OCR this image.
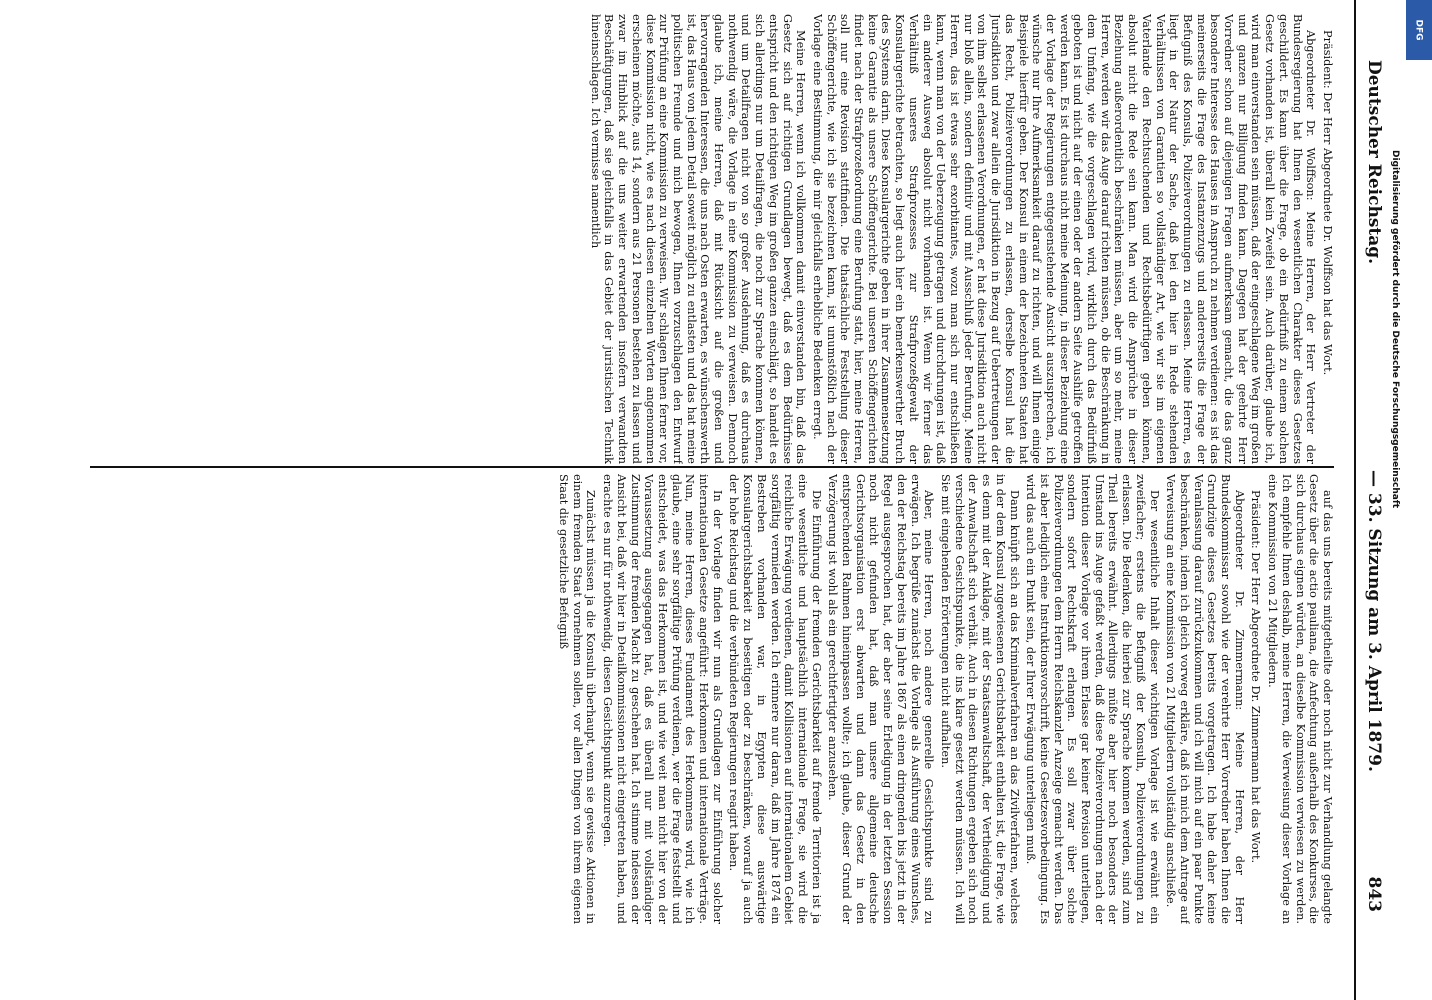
Deutscher Reichstag.
— 33. Sitzung am 3. April 1879.
843

Präsident: Der Herr Abgeordnete Dr. Wolffson hat das Wort.

Abgeordneter Dr. Wolffson: Meine Herren, der Herr Vertreter der Bundesregierung hat Ihnen den wesentlichen Charakter dieses Gesetzes geschildert. Es kann über die Frage, ob ein Bedürfniß zu einem solchen Gesetz vorhanden ist, überall kein Zweifel sein. Auch darüber, glaube ich, wird man einverstanden sein müssen, daß der eingeschlagene Weg im großen und ganzen nur Billigung finden kann. Dagegen hat der geehrte Herr Vorredner schon auf diejenigen Fragen aufmerksam gemacht, die das ganz besondere Interesse des Hauses in Anspruch zu nehmen verdienen: es ist das meinerseits die Frage des Instanzenzugs und andererseits die Frage der Befugniß des Konsuls, Polizeiverordnungen zu erlassen. Meine Herren, es liegt in der Natur der Sache, daß bei den hier in Rede stehenden Verhältnissen von Garantien so vollständiger Art, wie wir sie im eigenen Vaterlande den Rechtsuchenden und Rechtsbedürftigen geben können, absolut nicht die Rede sein kann. Man wird die Ansprüche in dieser Beziehung außerordentlich beschränken müssen, aber um so mehr, meine Herren, werden wir das Auge darauf richten müssen, ob die Beschränkung in dem Umfang, wie die vorgeschlagen wird, wirklich durch das Bedürfniß geboten ist und nicht auf der einen oder der andern Seite Aushilfe getroffen werden kann. Es ist durchaus nicht meine Meinung, in dieser Beziehung eine der Vorlage der Regierungen entgegenstehende Ansicht auszusprechen, ich wünsche nur Ihre Aufmerksamkeit darauf zu richten, und will Ihnen einige Beispiele hierfür geben. Der Konsul in einem der bezeichneten Staaten hat das Recht, Polizeiverordnungen zu erlassen, derselbe Konsul hat die Jurisdiktion und zwar allein die Jurisdiktion in Bezug auf Uebertretungen der von ihm selbst erlassenen Verordnungen, er hat diese Jurisdiktion auch nicht nur bloß allein, sondern definitiv und mit Ausschluß jeder Berufung. Meine Herren, das ist etwas sehr exorbitantes, wozu man sich nur entschließen kann, wenn man von der Ueberzeugung getragen und durchdrungen ist, daß ein anderer Ausweg absolut nicht vorhanden ist. Wenn wir ferner das Verhältniß unseres Strafprozesses zur Strafprozeßgewalt der Konsulargerichte betrachten, so liegt auch hier ein bemerkenswerther Bruch des Systems darin. Diese Konsulargerichte geben in ihrer Zusammensetzung keine Garantie als unsere Schöffengerichte. Bei unseren Schöffengerichten findet nach der Strafprozeßordnung eine Berufung statt, hier, meine Herren, soll nur eine Revision stattfinden. Die thatsächliche Feststellung dieser Schöffengerichte, wie ich sie bezeichnen kann, ist unumstößlich nach der Vorlage eine Bestimmung, die mir gleichfalls erhebliche Bedenken erregt.

Meine Herren, wenn ich vollkommen damit einverstanden bin, daß das Gesetz sich auf richtigen Grundlagen bewegt, daß es dem Bedürfnisse entspricht und den richtigen Weg im großen ganzen einschlägt, so handelt es sich allerdings nur um Detailfragen, die noch zur Sprache kommen können, und um Detailfragen nicht von so großer Ausdehnung, daß es durchaus nothwendig wäre, die Vorlage in eine Kommission zu verweisen. Dennoch glaube ich, meine Herren, daß mit Rücksicht auf die großen und hervorragenden Interessen, die uns nach Osten erwarten, es wünschenswerth ist, das Haus von jedem Detail soweit möglich zu entlasten und das hat meine politischen Freunde und mich bewogen, Ihnen vorzuschlagen den Entwurf zur Prüfung an eine Kommission zu verweisen. Wir schlagen Ihnen ferner vor, diese Kommission nicht, wie es nach diesen einzelnen Worten angenommen erscheinen möchte, aus 14, sondern aus 21 Personen bestehen zu lassen und zwar im Hinblick auf die uns weiter erwartenden insofern verwandten Beschäftigungen, daß sie gleichfalls in das Gebiet der juristischen Technik hineinschlagen. Ich vermisse namentlich

auf das uns bereits mitgetheilte oder noch nicht zur Verhandlung gelangte Gesetz über die actio pauliana, die Anfechtung außerhalb des Konkurses, die sich durchaus eignen würden, an dieselbe Kommission verwiesen zu werden. Ich empfehle Ihnen deshalb, meine Herren, die Verweisung dieser Vorlage an eine Kommission von 21 Mitgliedern.

Präsident: Der Herr Abgeordnete Dr. Zimmermann hat das Wort.

Abgeordneter Dr. Zimmermann: Meine Herren, der Herr Bundeskommissar sowohl wie der verehrte Herr Vorredner haben Ihnen die Grundzüge dieses Gesetzes bereits vorgetragen. Ich habe daher keine Veranlassung darauf zurückzukommen und ich will mich auf ein paar Punkte beschränken, indem ich gleich vorweg erkläre, daß ich mich dem Antrage auf Verweisung an eine Kommission von 21 Mitgliedern vollständig anschließe.

Der wesentliche Inhalt dieser wichtigen Vorlage ist wie erwähnt ein zweifacher; erstens die Befugniß der Konsuln, Polizeiverordnungen zu erlassen. Die Bedenken, die hierbei zur Sprache kommen werden, sind zum Theil bereits erwähnt. Allerdings müßte aber hier noch besonders der Umstand ins Auge gefaßt werden, daß diese Polizeiverordnungen nach der Intention dieser Vorlage vor ihrem Erlasse gar keiner Revision unterliegen, sondern sofort Rechtskraft erlangen. Es soll zwar über solche Polizeiverordnungen dem Herrn Reichskanzler Anzeige gemacht werden. Das ist aber lediglich eine Instruktionsvorschrift, keine Gesetzesvorbedingung. Es wird das auch ein Punkt sein, der Ihrer Erwägung unterliegen muß.

Dann knüpft sich an das Kriminalverfahren an das Zivilverfahren, welches in der dem Konsul zugewiesenen Gerichtsbarkeit enthalten ist, die Frage, wie es denn mit der Anklage, mit der Staatsanwaltschaft, der Vertheidigung und der Anwaltschaft sich verhält. Auch in diesen Richtungen ergeben sich noch verschiedene Gesichtspunkte, die ins klare gesetzt werden müssen. Ich will Sie mit eingehenden Erörterungen nicht aufhalten.

Aber, meine Herren, noch andere generelle Gesichtspunkte sind zu erwägen. Ich begrüße zunächst die Vorlage als Ausführung eines Wunsches, den der Reichstag bereits im Jahre 1867 als einen dringenden bis jetzt in der Regel ausgesprochen hat, der aber seine Erledigung in der letzten Session noch nicht gefunden hat, daß man unsere allgemeine deutsche Gerichtsorganisation erst abwarten und dann das Gesetz in den entsprechenden Rahmen hineinpassen wollte; ich glaube, dieser Grund der Verzögerung ist wohl als ein gerechtfertigter anzusehen.

Die Einführung der fremden Gerichtsbarkeit auf fremde Territorien ist ja eine wesentliche und hauptsächlich internationale Frage, sie wird die reichliche Erwägung verdienen, damit Kollisionen auf internationalem Gebiet sorgfältig vermieden werden. Ich erinnere nur daran, daß im Jahre 1874 ein Bestreben vorhanden war, in Egypten diese auswärtige Konsulargerichtsbarkeit zu beseitigen oder zu beschränken, worauf ja auch der hohe Reichstag und die verbündeten Regierungen reagirt haben.

In der Vorlage finden wir nun als Grundlagen zur Einführung solcher internationalen Gesetze angeführt: Herkommen und internationale Verträge. Nun, meine Herren, dieses Fundament des Herkommens wird, wie ich glaube, eine sehr sorgfältige Prüfung verdienen, wer die Frage feststellt und entscheidet, was das Herkommen ist, und wie weit man nicht hier von der Voraussetzung ausgegangen hat, daß es überall nur mit vollständiger Zustimmung der fremden Macht zu geschehen hat. Ich stimme indessen der Ansicht bei, daß wir hier in Detailkommissionen nicht eingetreten haben, und erachte es nur für nothwendig, diesen Gesichtspunkt anzuregen.

Zunächst müssen ja die Konsuln überhaupt, wenn sie gewisse Aktionen in einem fremden Staat vornehmen sollen, vor allen Dingen von ihrem eigenen Staat die gesetzliche Befugniß

DFG
Digitalisierung gefördert durch die Deutsche Forschungsgemeinschaft
